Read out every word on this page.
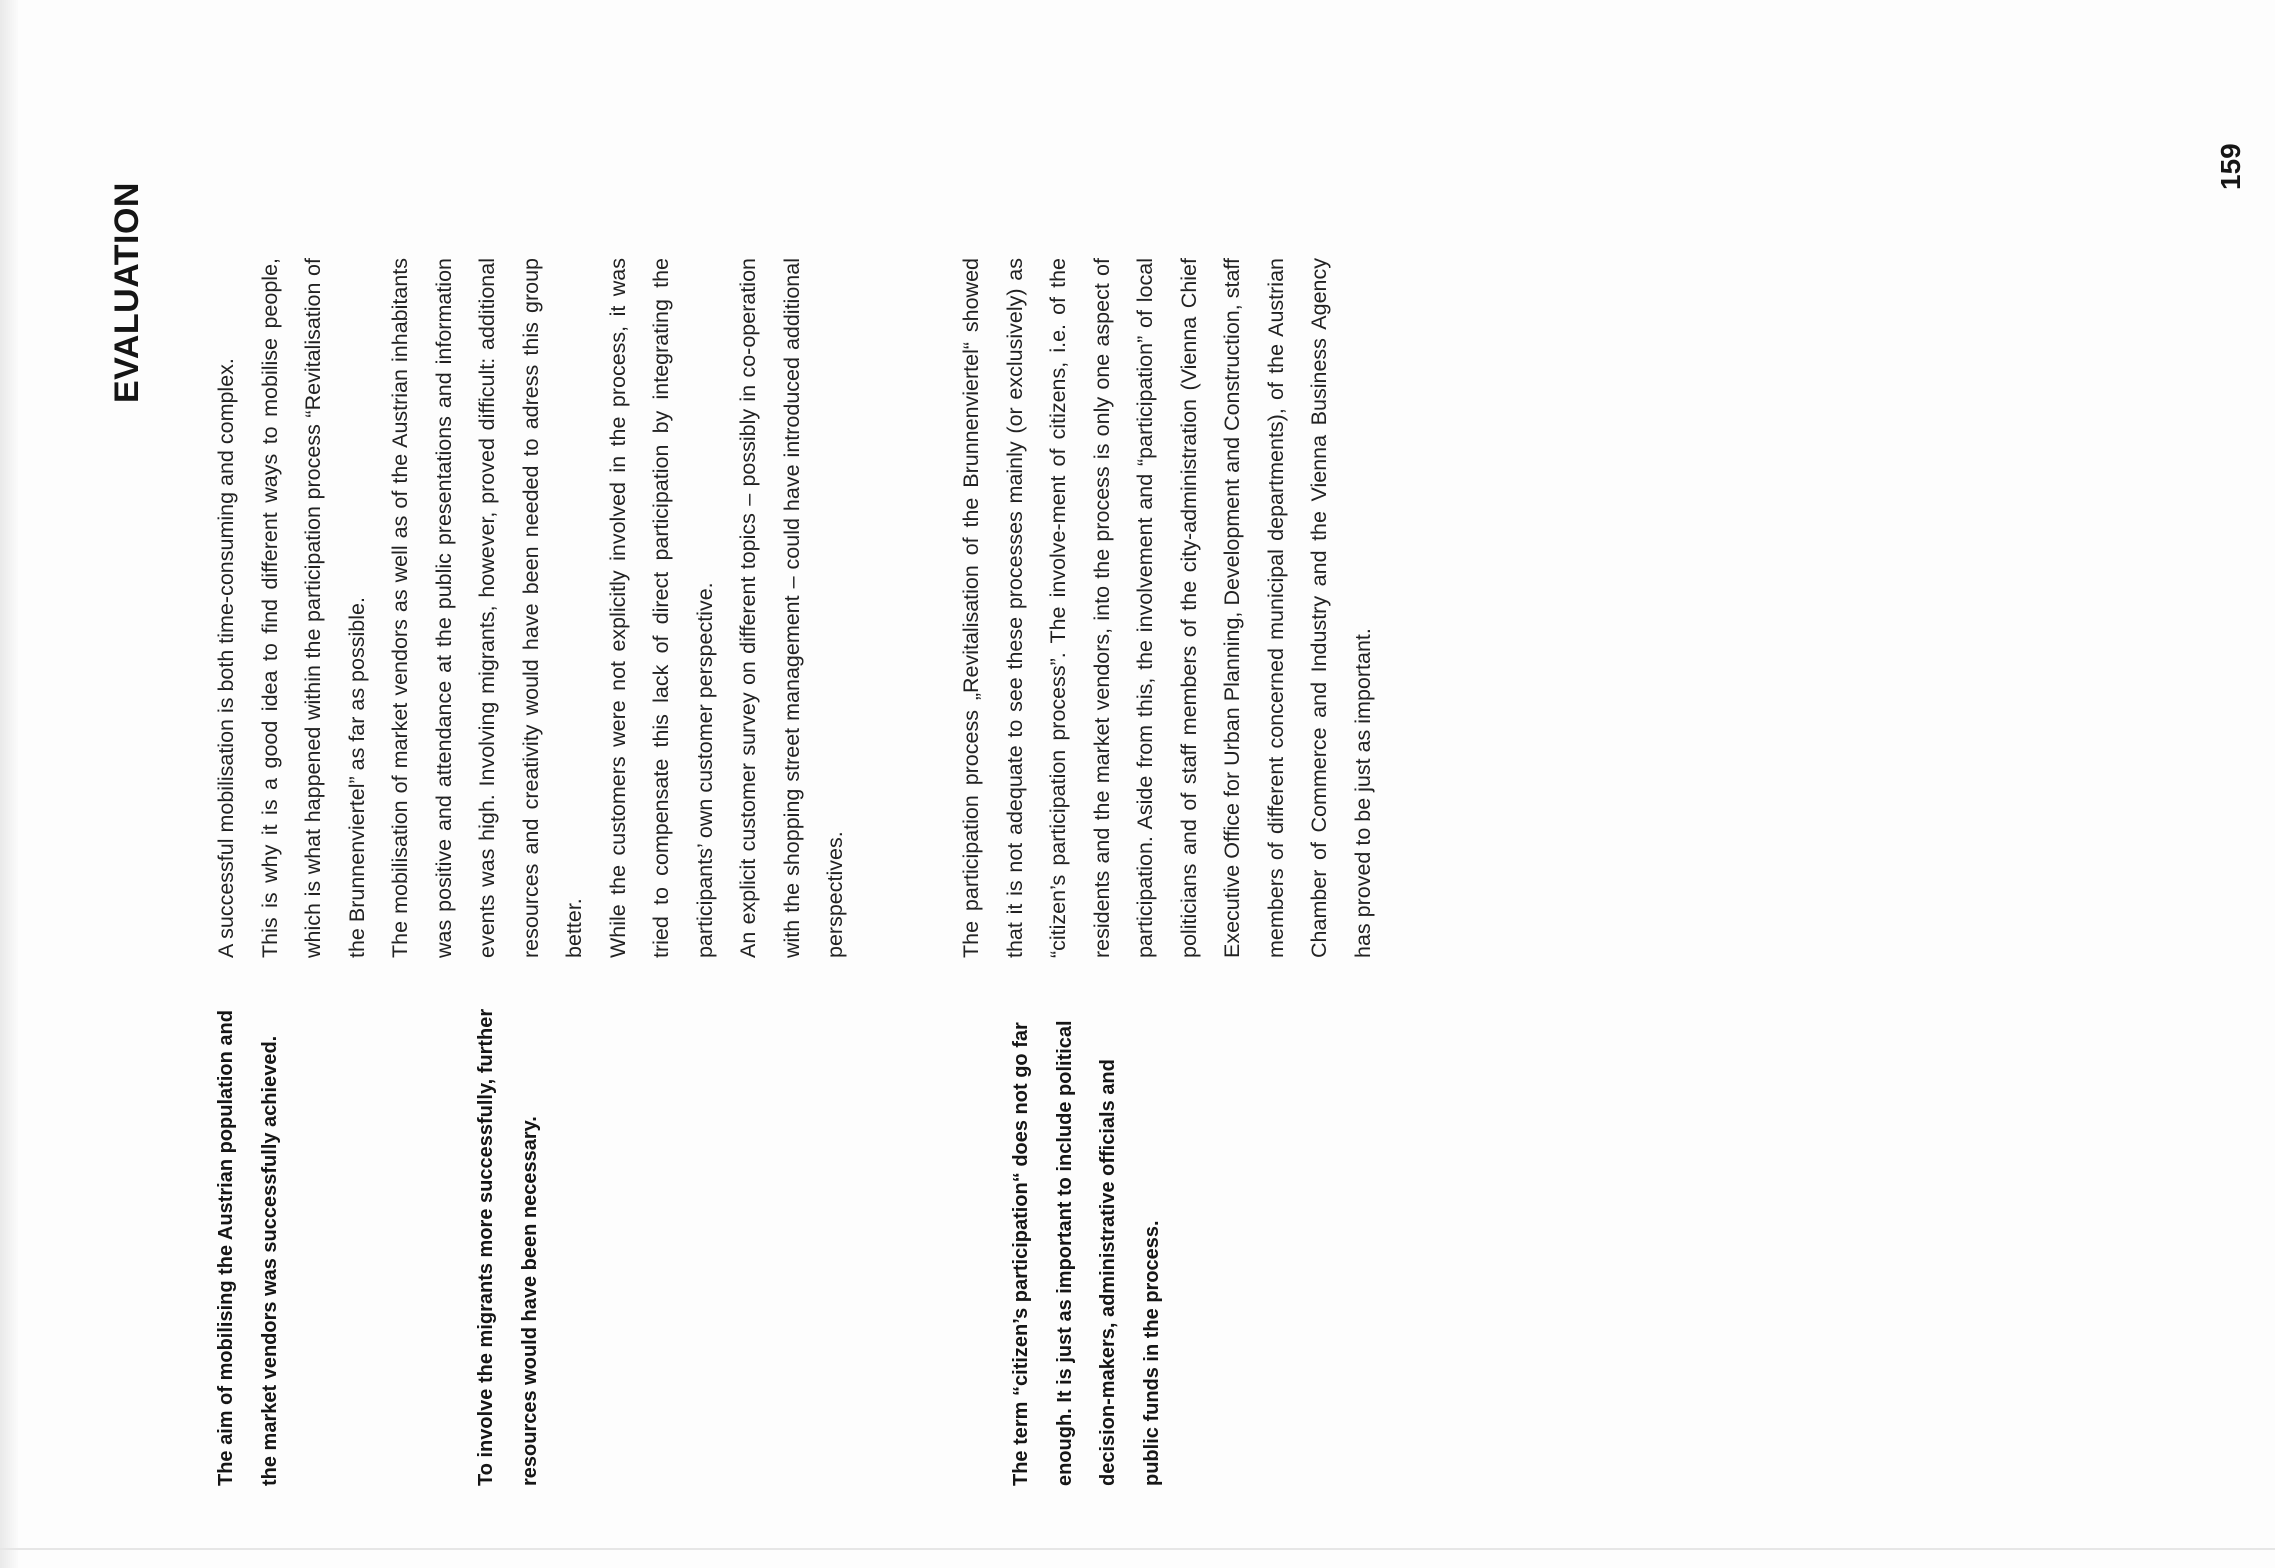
EVALUATION
The aim of mobilising the Austrian population and the market vendors was successfully achieved.	To involve the migrants more successfully, further resources would have been necessary.	The term “citizen’s participation“ does not go far enough. It is just as important to include political decision-makers, administrative officials and public funds in the process.

A successful mobilisation is both time-consuming and complex. This is why it is a good idea to find different ways to mobilise people, which is what happened within the participation process “Revitalisation of the Brunnenviertel” as far as possible. The mobilisation of market vendors as well as of the Austrian inhabitants was positive and attendance at the public presentations and information events was high. Involving migrants, however, proved difficult: additional resources and creativity would have been needed to adress this group better. While the customers were not explicitly involved in the process, it was tried to compensate this lack of direct participation by integrating the participants’ own customer perspective. An explicit customer survey on different topics – possibly in co-operation with the shopping street management – could have introduced additional perspectives.	The participation process „Revitalisation of the Brunnenviertel“ showed that it is not adequate to see these processes mainly (or exclusively) as “citizen’s participation process”. The involve-ment of citizens, i.e. of the residents and the market vendors, into the process is only one aspect of participation. Aside from this, the involvement and “participation” of local politicians and of staff members of the city-administration (Vienna Chief Executive Office for Urban Planning, Development and Construction, staff members of different concerned municipal departments), of the Austrian Chamber of Commerce and Industry and the Vienna Business Agency has proved to be just as important.

159
